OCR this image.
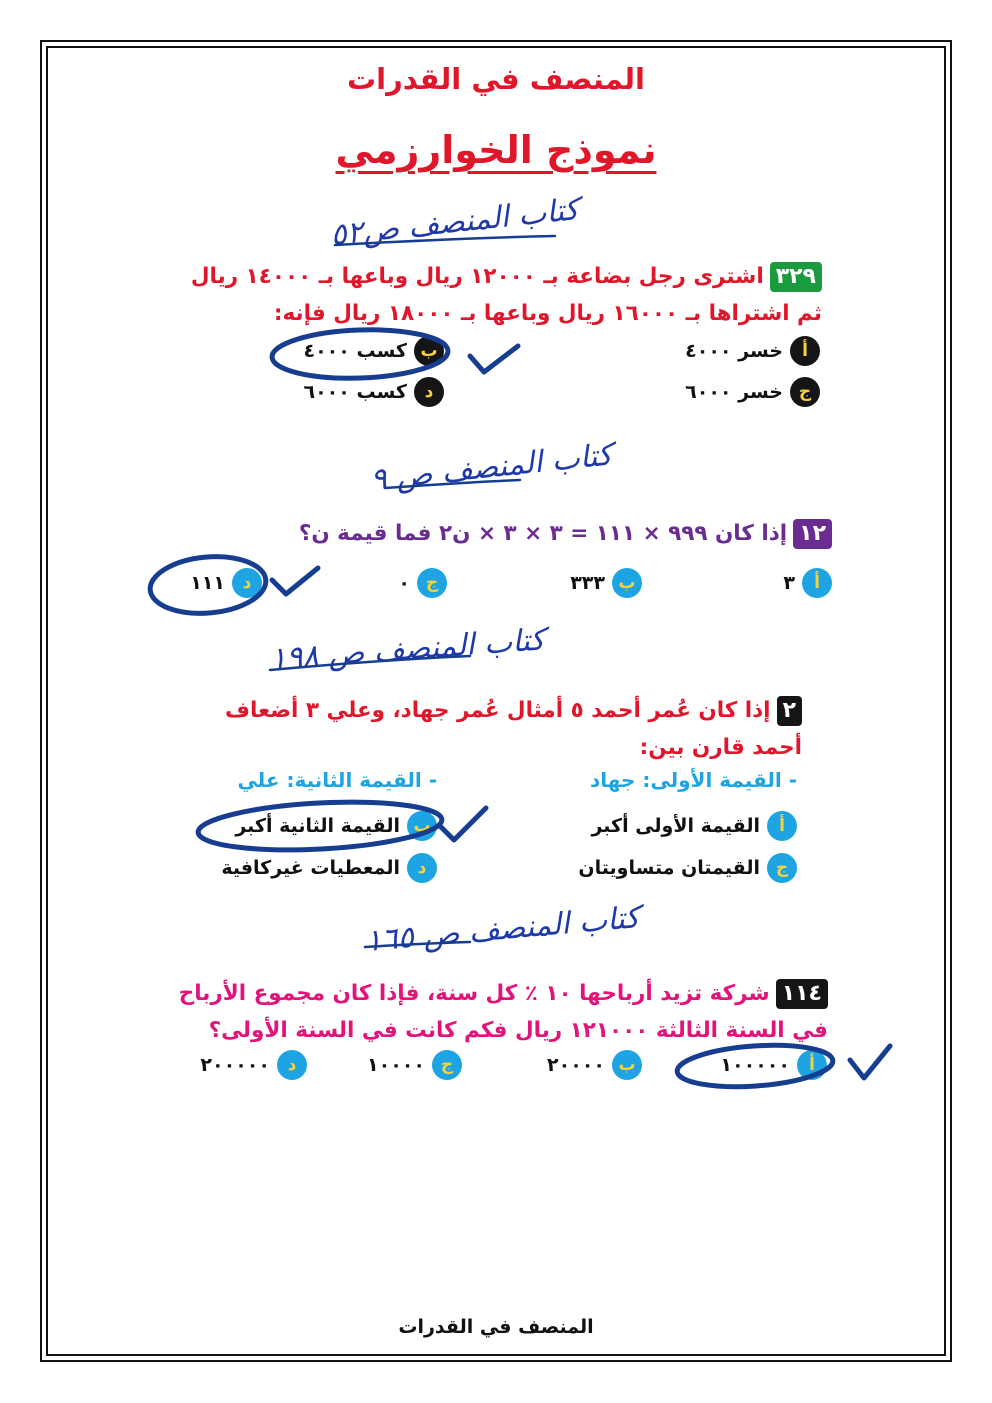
المنصف في القدرات
نموذج الخوارزمي
كتاب المنصف ص٥٢
كتاب المنصف ص ٩
كتاب المنصف ص ١٩٨
كتاب المنصف ص ١٦٥
٣٢٩اشترى رجل بضاعة بـ ١٢٠٠٠ ريال وباعها بـ ١٤٠٠٠ ريال
ثم اشتراها بـ ١٦٠٠٠ ريال وباعها بـ ١٨٠٠٠ ريال فإنه:
أ
خسر ٤٠٠٠
ب
كسب ٤٠٠٠
ج
خسر ٦٠٠٠
د
كسب ٦٠٠٠
١٢إذا كان ٩٩٩ × ١١١ = ٣ × ٣ × ن٢ فما قيمة ن؟
أ
٣
ب
٣٣٣
ج
٠
د
١١١
٢إذا كان عُمر أحمد ٥ أمثال عُمر جهاد، وعلي ٣ أضعاف
أحمد قارن بين:
- القيمة الأولى: جهاد
- القيمة الثانية: علي
أ
القيمة الأولى أكبر
ب
القيمة الثانية أكبر
ج
القيمتان متساويتان
د
المعطيات غيركافية
١١٤شركة تزيد أرباحها ١٠ ٪ كل سنة، فإذا كان مجموع الأرباح
في السنة الثالثة ١٢١٠٠٠ ريال فكم كانت في السنة الأولى؟
أ
١٠٠٠٠٠
ب
٢٠٠٠٠
ج
١٠٠٠٠
د
٢٠٠٠٠٠
المنصف في القدرات
